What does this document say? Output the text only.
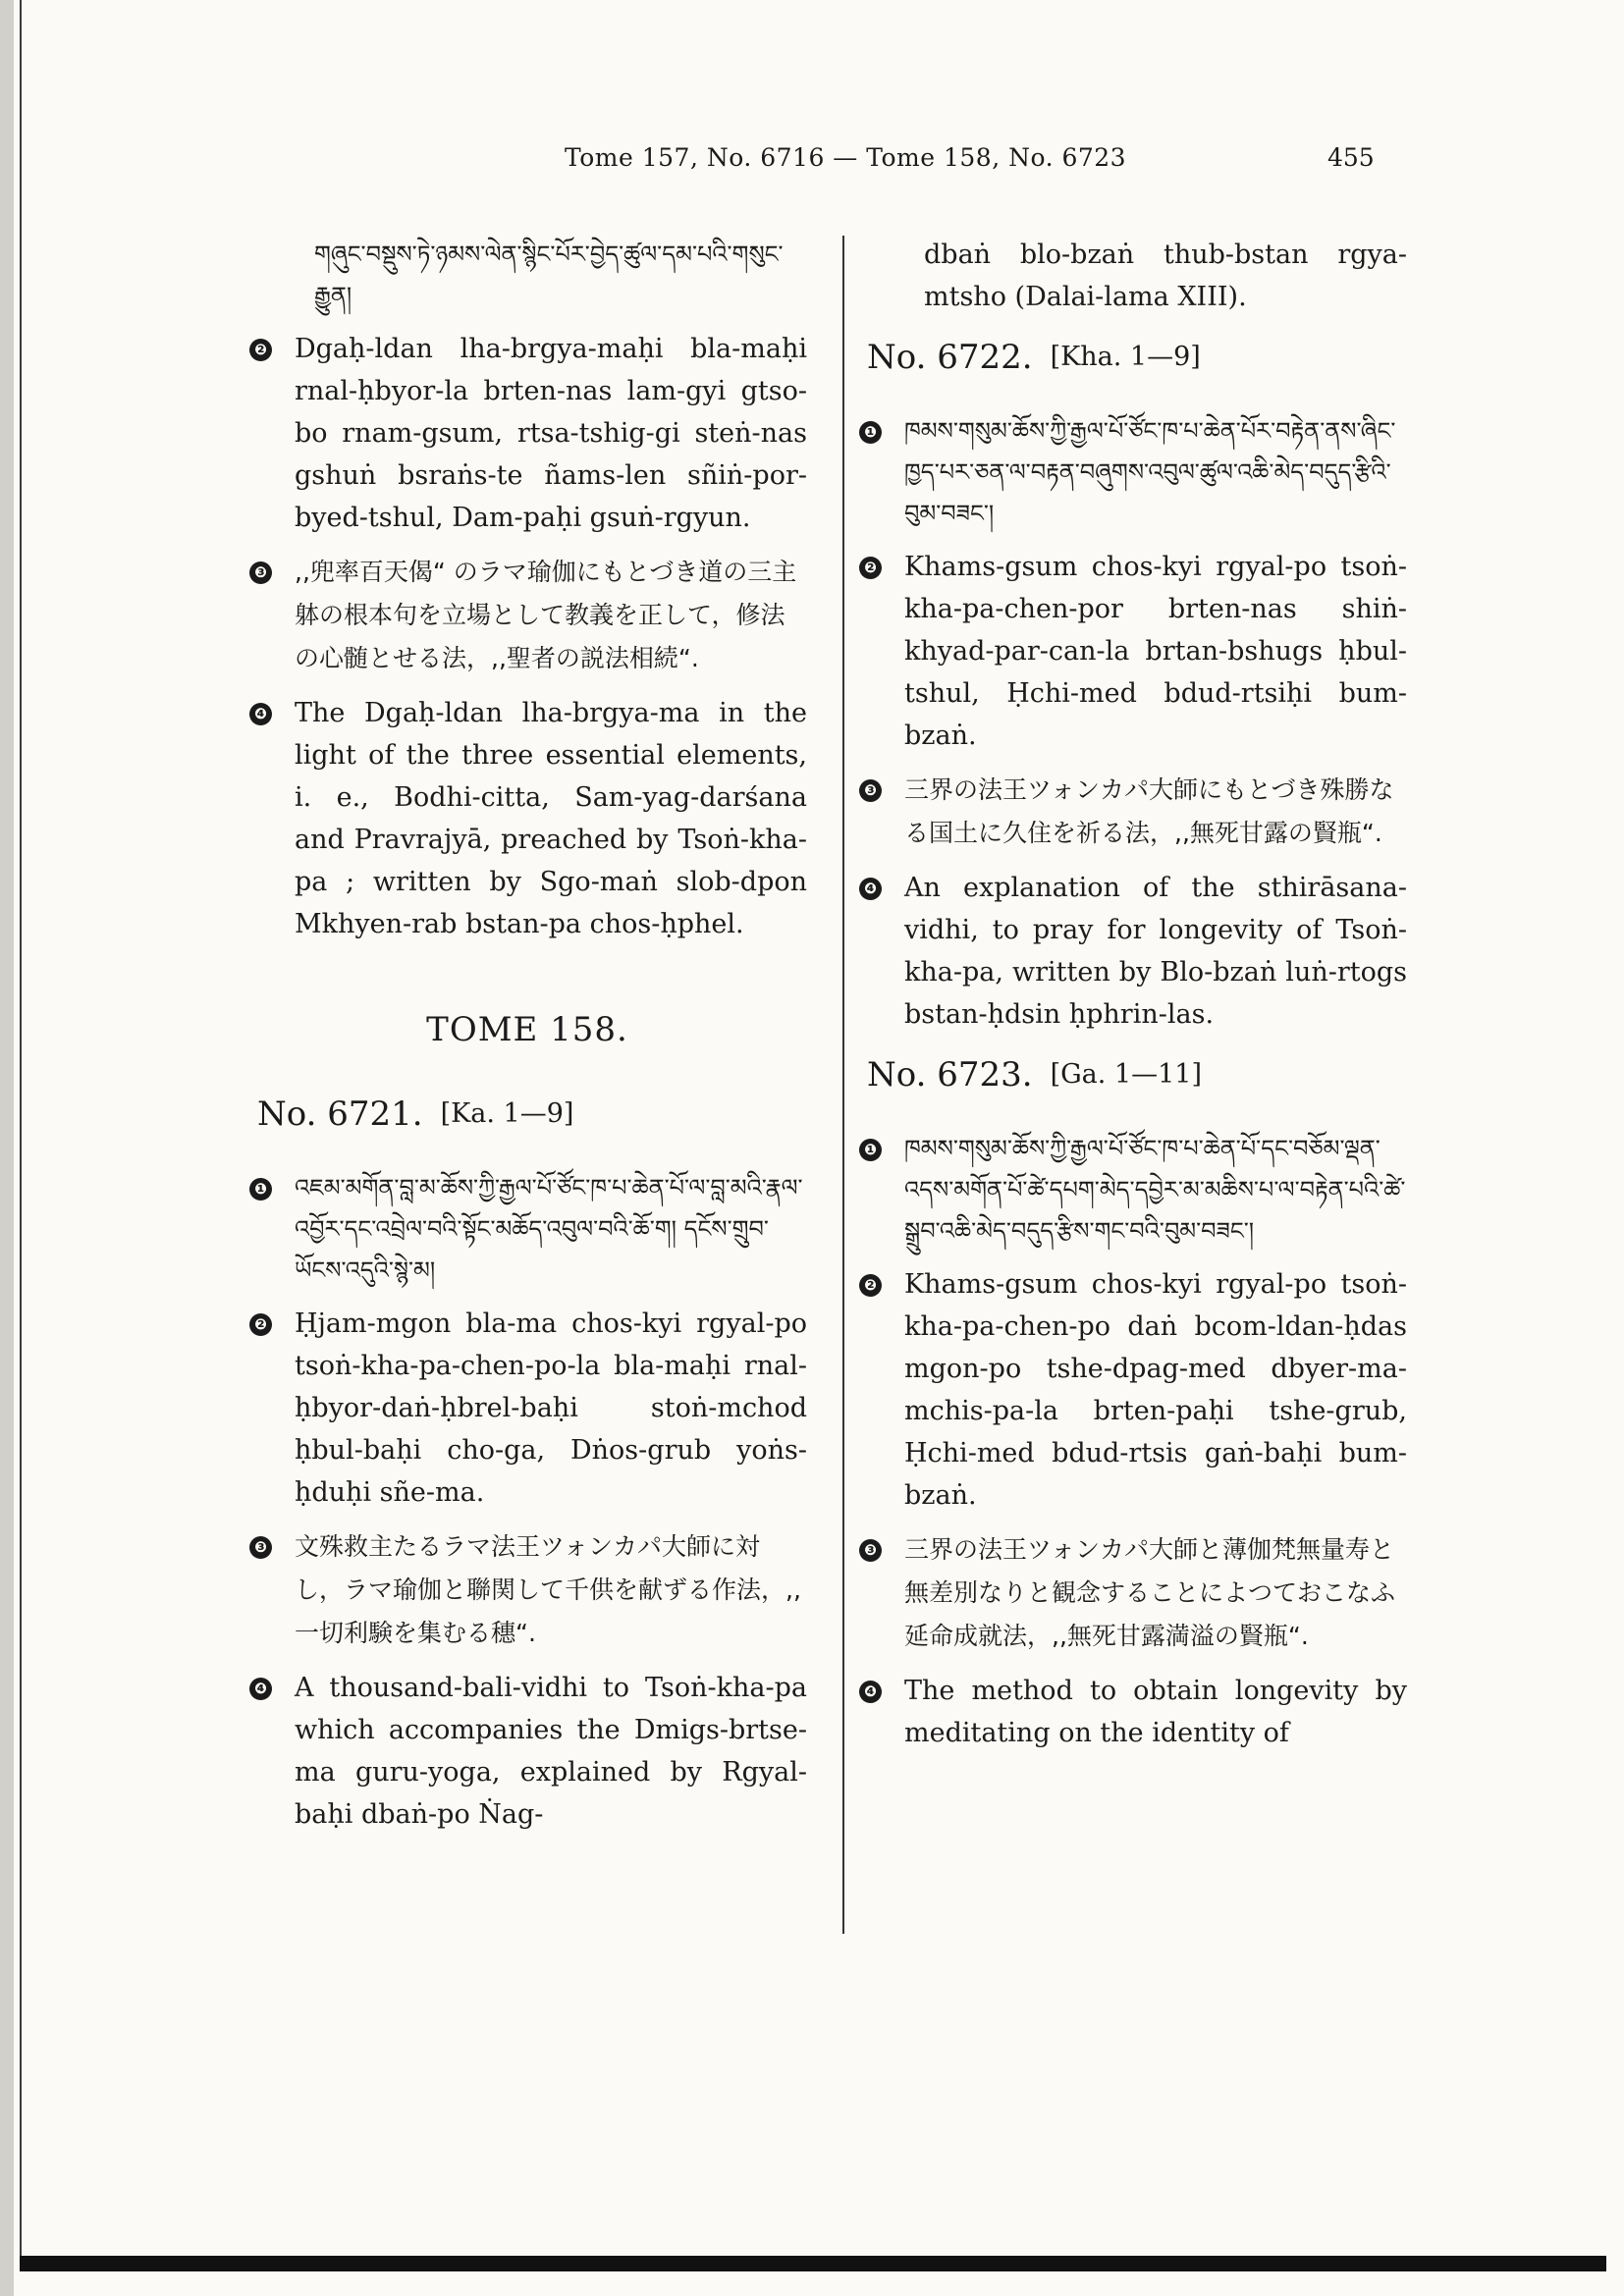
Tome 157, No. 6716 — Tome 158, No. 6723	455
གཞུང་བསྡུས་ཏེ་ཉམས་ལེན་སྙིང་པོར་བྱེད་ཚུལ་དམ་པའི་གསུང་རྒྱུན།
❷ Dgaḥ-ldan lha-brgya-maḥi bla-maḥi rnal-ḥbyor-la brten-nas lam-gyi gtso-bo rnam-gsum, rtsa-tshig-gi steṅ-nas gshuṅ bsraṅs-te ñams-len sñiṅ-por-byed-tshul, Dam-paḥi gsuṅ-rgyun.
❸ ,,兜率百天偈“ のラマ瑜伽にもとづき道の三主躰の根本句を立場として教義を正して，修法の心髄とせる法，,,聖者の説法相続“.
❹ The Dgaḥ-ldan lha-brgya-ma in the light of the three essential elements, i. e., Bodhi-citta, Sam-yag-darśana and Pravrajyā, preached by Tsoṅ-kha-pa ; written by Sgo-maṅ slob-dpon Mkhyen-rab bstan-pa chos-ḥphel.
TOME 158.
No. 6721. [Ka. 1—9]
❶ འཇམ་མགོན་བླ་མ་ཆོས་ཀྱི་རྒྱལ་པོ་ཙོང་ཁ་པ་ཆེན་པོ་ལ་བླ་མའི་རྣལ་འབྱོར་དང་འབྲེལ་བའི་སྟོང་མཆོད་འབུལ་བའི་ཆོ་ག། དངོས་གྲུབ་ཡོངས་འདུའི་སྙེ་མ།
❷ Ḥjam-mgon bla-ma chos-kyi rgyal-po tsoṅ-kha-pa-chen-po-la bla-maḥi rnal-ḥbyor-daṅ-ḥbrel-baḥi stoṅ-mchod ḥbul-baḥi cho-ga, Dṅos-grub yoṅs-ḥduḥi sñe-ma.
❸ 文殊救主たるラマ法王ツォンカパ大師に対し，ラマ瑜伽と聯関して千供を献ずる作法，,,一切利験を集むる穗“.
❹ A thousand-bali-vidhi to Tsoṅ-kha-pa which accompanies the Dmigs-brtse-ma guru-yoga, explained by Rgyal-baḥi dbaṅ-po Ṅag-
dbaṅ blo-bzaṅ thub-bstan rgya-mtsho (Dalai-lama XIII).
No. 6722. [Kha. 1—9]
❶ ཁམས་གསུམ་ཆོས་ཀྱི་རྒྱལ་པོ་ཙོང་ཁ་པ་ཆེན་པོར་བརྟེན་ནས་ཞིང་ཁྱད་པར་ཅན་ལ་བརྟན་བཞུགས་འབུལ་ཚུལ་འཆི་མེད་བདུད་རྩིའི་བུམ་བཟང་།
❷ Khams-gsum chos-kyi rgyal-po tsoṅ-kha-pa-chen-por brten-nas shiṅ-khyad-par-can-la brtan-bshugs ḥbul-tshul, Ḥchi-med bdud-rtsiḥi bum-bzaṅ.
❸ 三界の法王ツォンカパ大師にもとづき殊勝なる国土に久住を祈る法，,,無死甘露の賢瓶“.
❹ An explanation of the sthirāsana-vidhi, to pray for longevity of Tsoṅ-kha-pa, written by Blo-bzaṅ luṅ-rtogs bstan-ḥdsin ḥphrin-las.
No. 6723. [Ga. 1—11]
❶ ཁམས་གསུམ་ཆོས་ཀྱི་རྒྱལ་པོ་ཙོང་ཁ་པ་ཆེན་པོ་དང་བཅོམ་ལྡན་འདས་མགོན་པོ་ཚེ་དཔག་མེད་དབྱེར་མ་མཆིས་པ་ལ་བརྟེན་པའི་ཚེ་སྒྲུབ་འཆི་མེད་བདུད་རྩིས་གང་བའི་བུམ་བཟང་།
❷ Khams-gsum chos-kyi rgyal-po tsoṅ-kha-pa-chen-po daṅ bcom-ldan-ḥdas mgon-po tshe-dpag-med dbyer-ma-mchis-pa-la brten-paḥi tshe-grub, Ḥchi-med bdud-rtsis gaṅ-baḥi bum-bzaṅ.
❸ 三界の法王ツォンカパ大師と薄伽梵無量寿と無差別なりと観念することによつておこなふ延命成就法，,,無死甘露満溢の賢瓶“.
❹ The method to obtain longevity by meditating on the identity of
